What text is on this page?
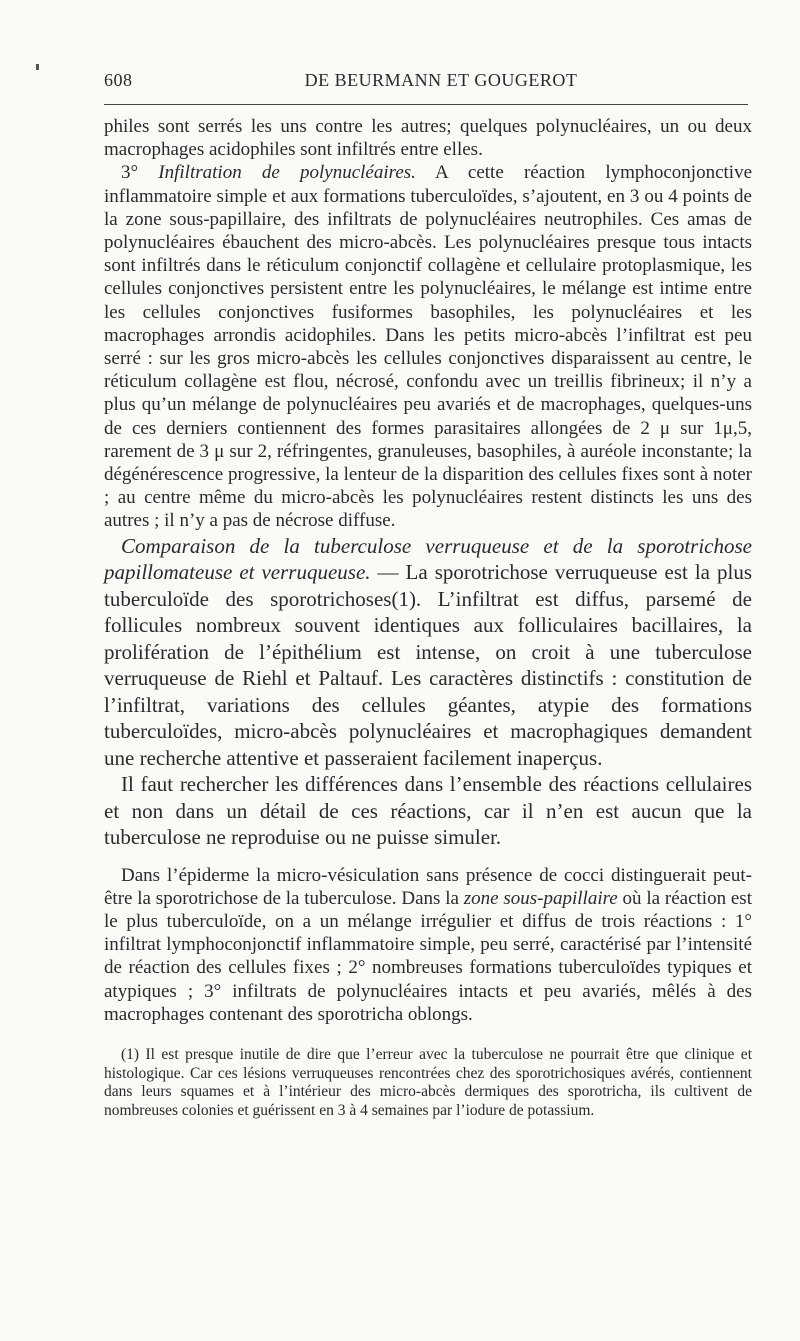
608	DE BEURMANN ET GOUGEROT

philes sont serrés les uns contre les autres; quelques polynucléaires, un ou deux macrophages acidophiles sont infiltrés entre elles.

3° Infiltration de polynucléaires. A cette réaction lymphoconjonctive inflammatoire simple et aux formations tuberculoïdes, s’ajoutent, en 3 ou 4 points de la zone sous-papillaire, des infiltrats de polynucléaires neutrophiles. Ces amas de polynucléaires ébauchent des micro-abcès. Les polynucléaires presque tous intacts sont infiltrés dans le réticulum conjonctif collagène et cellulaire protoplasmique, les cellules conjonctives persistent entre les polynucléaires, le mélange est intime entre les cellules conjonctives fusiformes basophiles, les polynucléaires et les macrophages arrondis acidophiles. Dans les petits micro-abcès l’infiltrat est peu serré : sur les gros micro-abcès les cellules conjonctives disparaissent au centre, le réticulum collagène est flou, nécrosé, confondu avec un treillis fibrineux; il n’y a plus qu’un mélange de polynucléaires peu avariés et de macrophages, quelques-uns de ces derniers contiennent des formes parasitaires allongées de 2 μ sur 1μ,5, rarement de 3 μ sur 2, réfringentes, granuleuses, basophiles, à auréole inconstante; la dégénérescence progressive, la lenteur de la disparition des cellules fixes sont à noter ; au centre même du micro-abcès les polynucléaires restent distincts les uns des autres ; il n’y a pas de nécrose diffuse.

Comparaison de la tuberculose verruqueuse et de la sporotrichose papillomateuse et verruqueuse. — La sporotrichose verruqueuse est la plus tuberculoïde des sporotrichoses(1). L’infiltrat est diffus, parsemé de follicules nombreux souvent identiques aux folliculaires bacillaires, la prolifération de l’épithélium est intense, on croit à une tuberculose verruqueuse de Riehl et Paltauf. Les caractères distinctifs : constitution de l’infiltrat, variations des cellules géantes, atypie des formations tuberculoïdes, micro-abcès polynucléaires et macrophagiques demandent une recherche attentive et passeraient facilement inaperçus.

Il faut rechercher les différences dans l’ensemble des réactions cellulaires et non dans un détail de ces réactions, car il n’en est aucun que la tuberculose ne reproduise ou ne puisse simuler.

Dans l’épiderme la micro-vésiculation sans présence de cocci distinguerait peut-être la sporotrichose de la tuberculose. Dans la zone sous-papillaire où la réaction est le plus tuberculoïde, on a un mélange irrégulier et diffus de trois réactions : 1° infiltrat lymphoconjonctif inflammatoire simple, peu serré, caractérisé par l’intensité de réaction des cellules fixes ; 2° nombreuses formations tuberculoïdes typiques et atypiques ; 3° infiltrats de polynucléaires intacts et peu avariés, mêlés à des macrophages contenant des sporotricha oblongs.

(1) Il est presque inutile de dire que l’erreur avec la tuberculose ne pourrait être que clinique et histologique. Car ces lésions verruqueuses rencontrées chez des sporotrichosiques avérés, contiennent dans leurs squames et à l’intérieur des micro-abcès dermiques des sporotricha, ils cultivent de nombreuses colonies et guérissent en 3 à 4 semaines par l’iodure de potassium.
